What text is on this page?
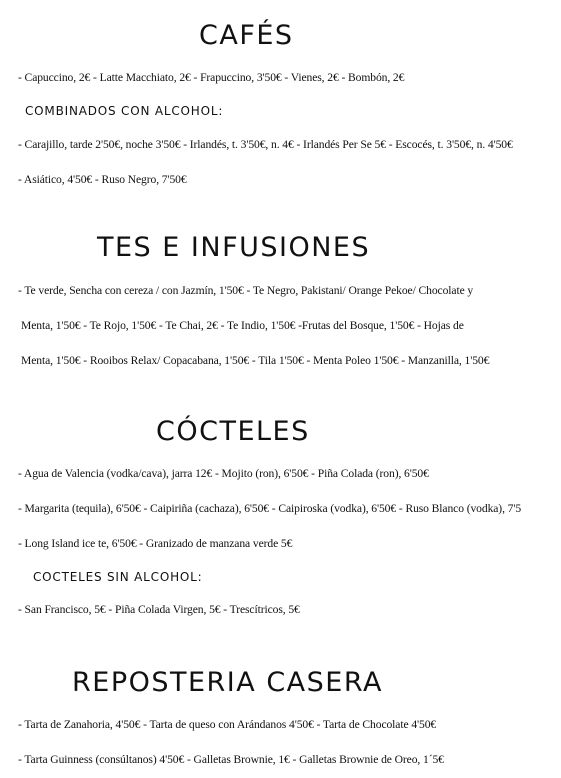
CAFÉS

- Capuccino, 2€ - Latte Macchiato, 2€ - Frapuccino, 3'50€ - Vienes, 2€ - Bombón, 2€

COMBINADOS CON ALCOHOL:

- Carajillo, tarde 2'50€, noche 3'50€ - Irlandés, t. 3'50€, n. 4€ - Irlandés Per Se 5€ - Escocés, t. 3'50€, n. 4'50€

- Asiático, 4'50€ - Ruso Negro, 7'50€

TES E INFUSIONES

- Te verde, Sencha con cereza / con Jazmín, 1'50€ - Te Negro, Pakistani/ Orange Pekoe/ Chocolate y

Menta, 1'50€ - Te Rojo, 1'50€ - Te Chai, 2€ - Te Indio, 1'50€ -Frutas del Bosque, 1'50€ - Hojas de

Menta, 1'50€ - Rooibos Relax/ Copacabana, 1'50€ - Tila 1'50€ - Menta Poleo 1'50€ - Manzanilla, 1'50€

CÓCTELES

- Agua de Valencia (vodka/cava), jarra 12€ - Mojito (ron), 6'50€ - Piña Colada (ron), 6'50€

- Margarita (tequila), 6'50€ - Caipiriña (cachaza), 6'50€ - Caipiroska (vodka), 6'50€ - Ruso Blanco (vodka), 7'5

- Long Island ice te, 6'50€ - Granizado de manzana verde 5€

COCTELES SIN ALCOHOL:

- San Francisco, 5€ - Piña Colada Virgen, 5€ - Trescítricos, 5€

REPOSTERIA CASERA

- Tarta de Zanahoria, 4'50€ - Tarta de queso con Arándanos 4'50€ - Tarta de Chocolate 4'50€

- Tarta Guinness (consúltanos) 4'50€ - Galletas Brownie, 1€ - Galletas Brownie de Oreo, 1´5€
